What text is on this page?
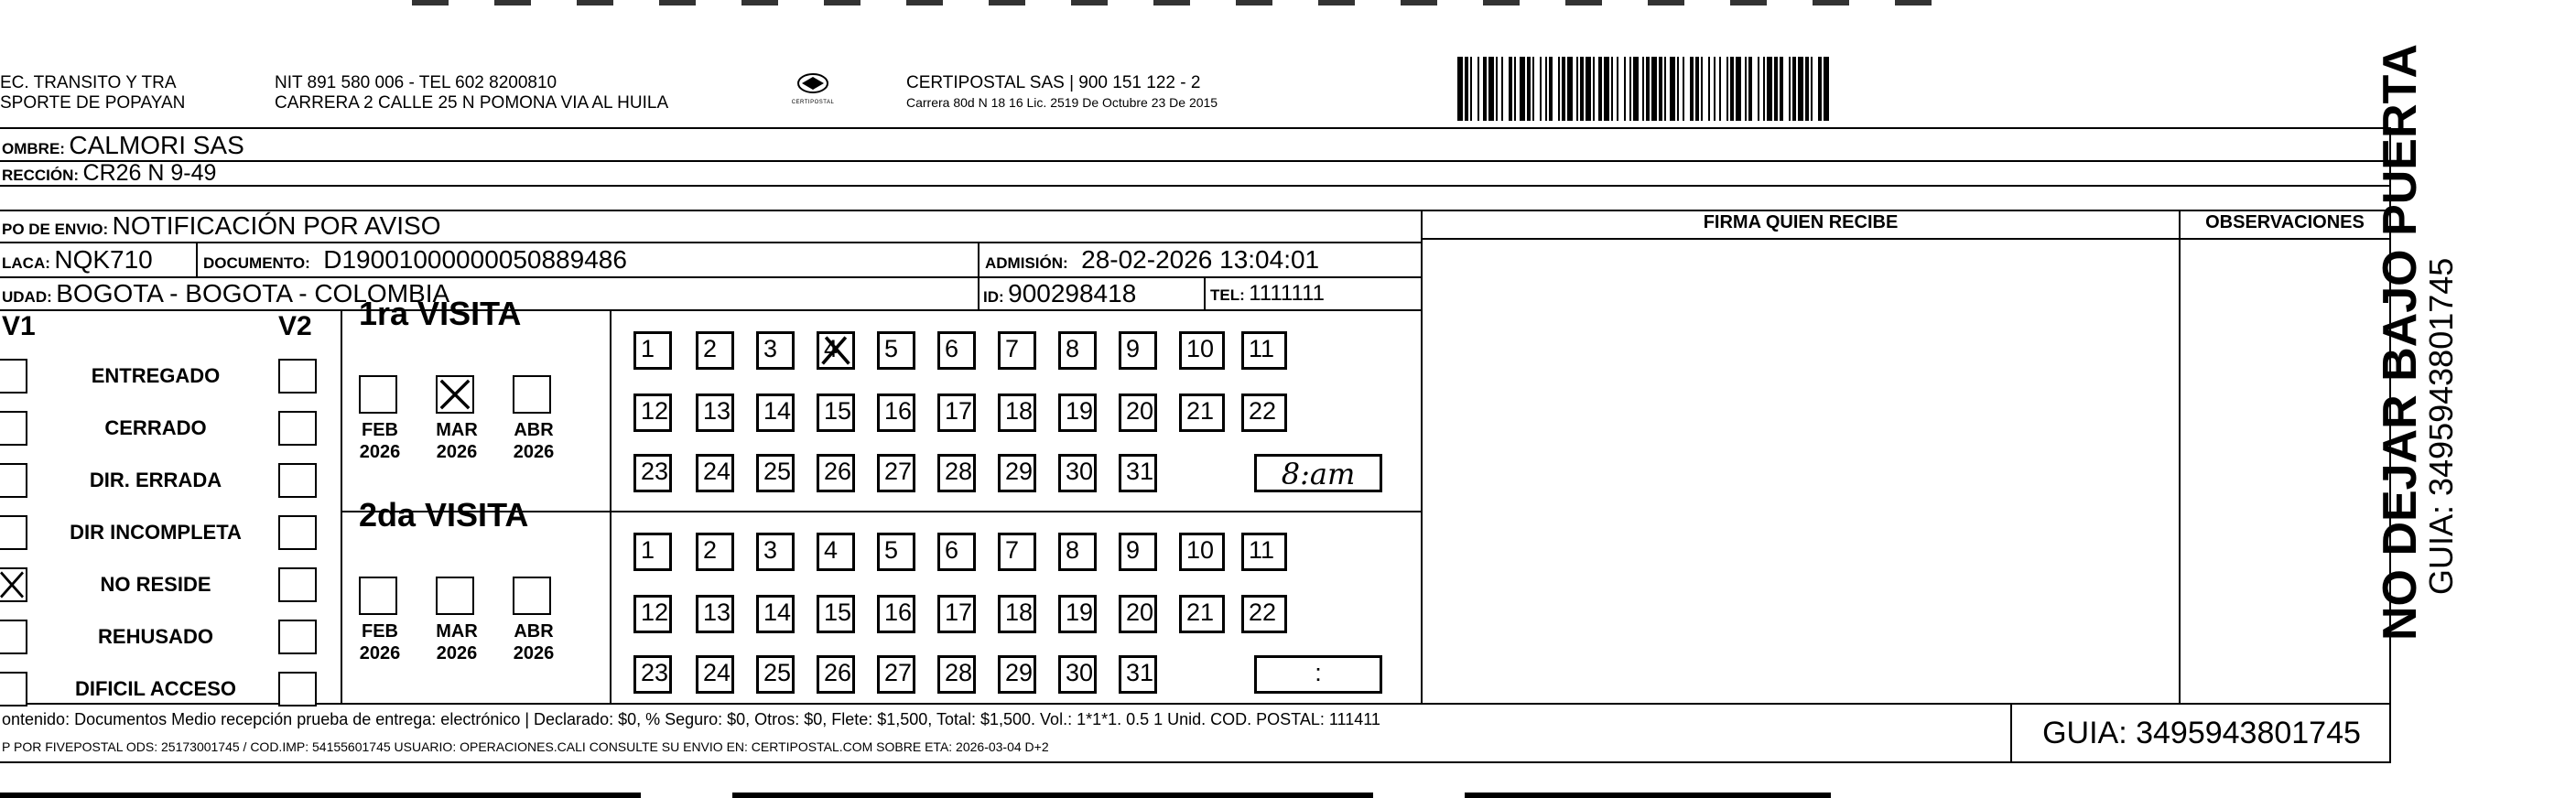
EC. TRANSITO Y TRA
SPORTE DE POPAYAN
NIT 891 580 006 - TEL 602 8200810
CARRERA 2 CALLE 25 N POMONA VIA AL HUILA	CERTIPOSTAL
CERTIPOSTAL SAS | 900 151 122 - 2
Carrera 80d N 18 16 Lic. 2519 De Octubre 23 De 2015
OMBRE: CALMORI SAS
RECCIÓN: CR26 N 9-49
PO DE ENVIO: NOTIFICACIÓN POR AVISO
LACA: NQK710	DOCUMENTO: D19001000000050889486	ADMISIÓN: 28-02-2026 13:04:01
UDAD: BOGOTA - BOGOTA - COLOMBIA	ID: 900298418	TEL: 1111111
FIRMA QUIEN RECIBE	OBSERVACIONES
V1	V2
ENTREGADO
CERRADO
DIR. ERRADA
DIR INCOMPLETA
NO RESIDE
REHUSADO
DIFICIL ACCESO
1ra VISITA
FEB
2026
MAR
2026
ABR
2026
1	2	3	4	5	6	7	8	9	10	11
12 13 14 15 16 17 18 19 20 21	22
23 24 25 26 27 28 29 30 31	8:am
2da VISITA
FEB
2026
MAR
2026
ABR
2026
1	2	3	4	5	6	7	8	9	10	11
12 13 14 15 16 17 18 19 20 21	22
23 24 25 26 27 28 29 30 31	:
ontenido: Documentos Medio recepción prueba de entrega: electrónico | Declarado: $0, % Seguro: $0, Otros: $0, Flete: $1,500, Total: $1,500. Vol.: 1*1*1. 0.5 1 Unid. COD. POSTAL: 111411
P POR FIVEPOSTAL ODS: 25173001745 / COD.IMP: 54155601745 USUARIO: OPERACIONES.CALI CONSULTE SU ENVIO EN: CERTIPOSTAL.COM SOBRE ETA: 2026-03-04 D+2	GUIA: 3495943801745
NO DEJAR BAJO PUERTA
GUIA: 3495943801745
